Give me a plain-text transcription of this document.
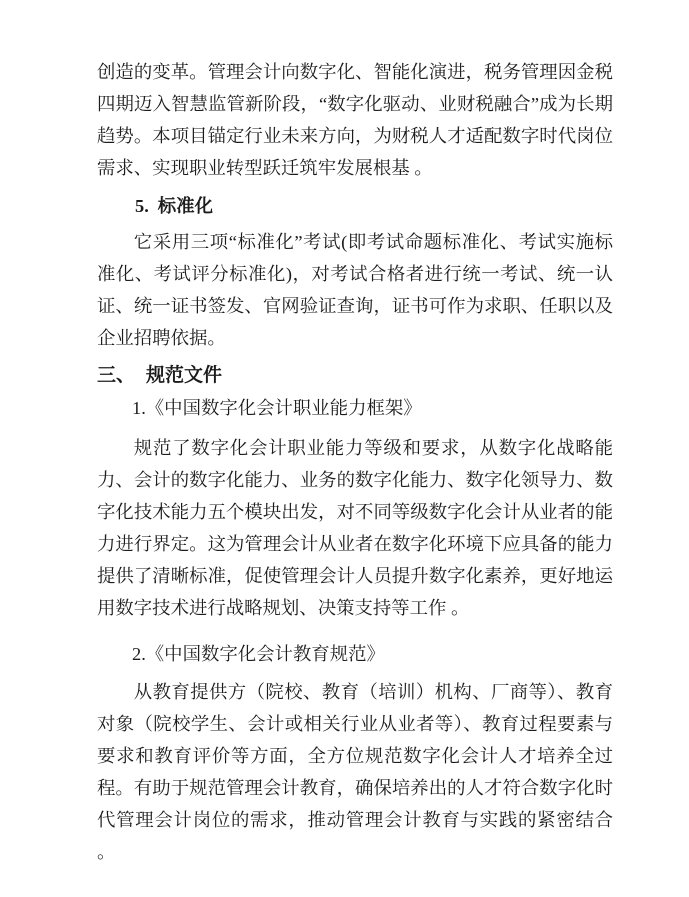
创造的变革。管理会计向数字化、智能化演进，税务管理因金税四期迈入智慧监管新阶段，“数字化驱动、业财税融合”成为长期趋势。本项目锚定行业未来方向，为财税人才适配数字时代岗位需求、实现职业转型跃迁筑牢发展根基 。

5. 标准化

它采用三项“标准化”考试(即考试命题标准化、考试实施标准化、考试评分标准化)，对考试合格者进行统一考试、统一认证、统一证书签发、官网验证查询，证书可作为求职、任职以及企业招聘依据。

三、 规范文件

1.《中国数字化会计职业能力框架》

规范了数字化会计职业能力等级和要求，从数字化战略能力、会计的数字化能力、业务的数字化能力、数字化领导力、数字化技术能力五个模块出发，对不同等级数字化会计从业者的能力进行界定。这为管理会计从业者在数字化环境下应具备的能力提供了清晰标准，促使管理会计人员提升数字化素养，更好地运用数字技术进行战略规划、决策支持等工作 。

2.《中国数字化会计教育规范》

从教育提供方（院校、教育（培训）机构、厂商等）、教育对象（院校学生、会计或相关行业从业者等）、教育过程要素与要求和教育评价等方面，全方位规范数字化会计人才培养全过程。有助于规范管理会计教育，确保培养出的人才符合数字化时代管理会计岗位的需求，推动管理会计教育与实践的紧密结合 。
